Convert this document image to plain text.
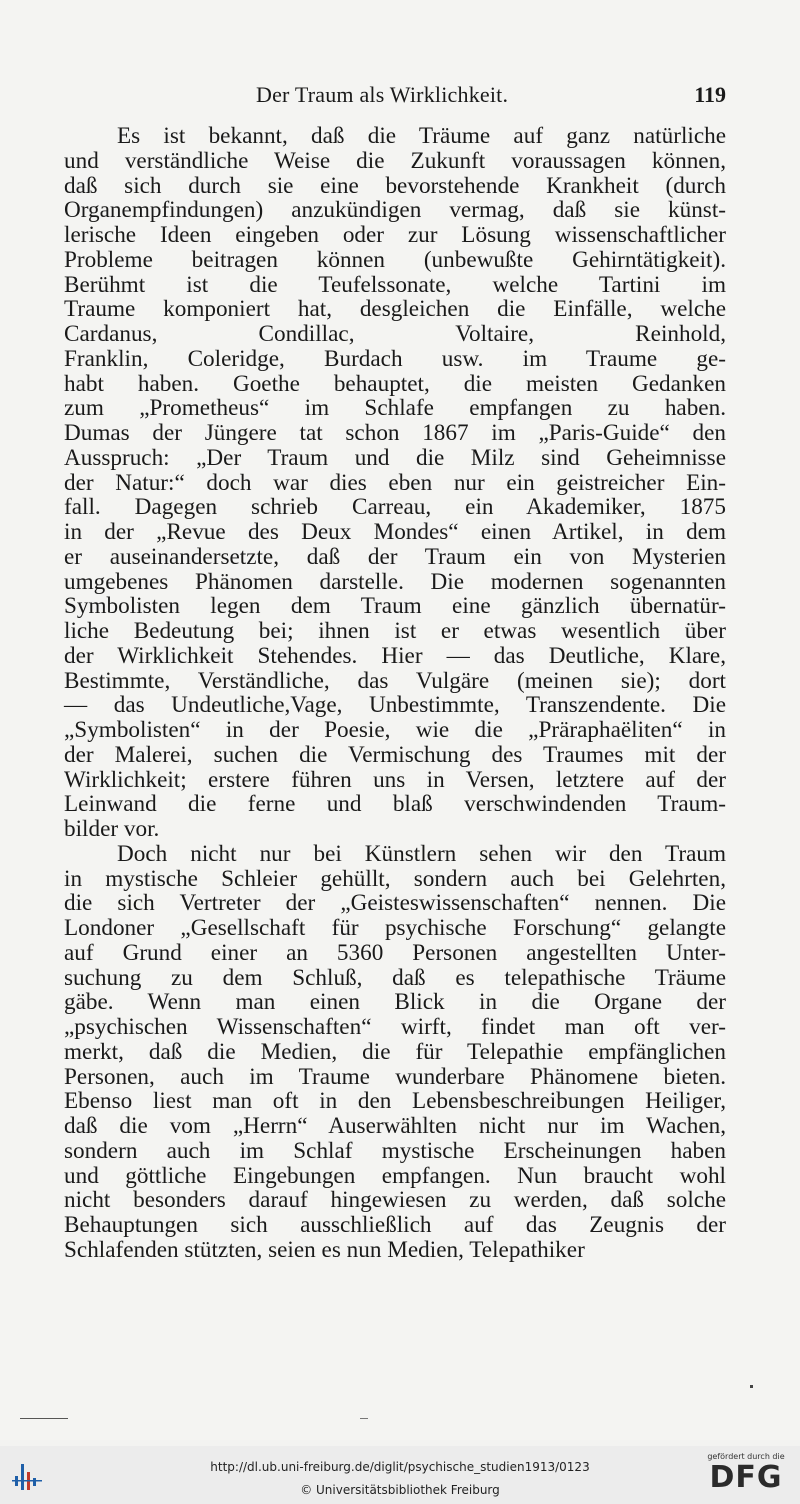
Der Traum als Wirklichkeit.	119
Es ist bekannt, daß die Träume auf ganz natürliche
und verständliche Weise die Zukunft voraussagen können,
daß sich durch sie eine bevorstehende Krankheit (durch
Organempfindungen) anzukündigen vermag, daß sie künst-
lerische Ideen eingeben oder zur Lösung wissenschaftlicher
Probleme beitragen können (unbewußte Gehirntätigkeit).
Berühmt ist die Teufelssonate, welche Tartini im
Traume komponiert hat, desgleichen die Einfälle, welche
Cardanus, Condillac, Voltaire, Reinhold,
Franklin, Coleridge, Burdach usw. im Traume ge-
habt haben. Goethe behauptet, die meisten Gedanken
zum „Prometheus“ im Schlafe empfangen zu haben.
Dumas der Jüngere tat schon 1867 im „Paris-Guide“ den
Ausspruch: „Der Traum und die Milz sind Geheimnisse
der Natur:“ doch war dies eben nur ein geistreicher Ein-
fall. Dagegen schrieb Carreau, ein Akademiker, 1875
in der „Revue des Deux Mondes“ einen Artikel, in dem
er auseinandersetzte, daß der Traum ein von Mysterien
umgebenes Phänomen darstelle. Die modernen sogenannten
Symbolisten legen dem Traum eine gänzlich übernatür-
liche Bedeutung bei; ihnen ist er etwas wesentlich über
der Wirklichkeit Stehendes. Hier — das Deutliche, Klare,
Bestimmte, Verständliche, das Vulgäre (meinen sie); dort
— das Undeutliche,Vage, Unbestimmte, Transzendente. Die
„Symbolisten“ in der Poesie, wie die „Präraphaëliten“ in
der Malerei, suchen die Vermischung des Traumes mit der
Wirklichkeit; erstere führen uns in Versen, letztere auf der
Leinwand die ferne und blaß verschwindenden Traum-
bilder vor.
Doch nicht nur bei Künstlern sehen wir den Traum
in mystische Schleier gehüllt, sondern auch bei Gelehrten,
die sich Vertreter der „Geisteswissenschaften“ nennen. Die
Londoner „Gesellschaft für psychische Forschung“ gelangte
auf Grund einer an 5360 Personen angestellten Unter-
suchung zu dem Schluß, daß es telepathische Träume
gäbe. Wenn man einen Blick in die Organe der
„psychischen Wissenschaften“ wirft, findet man oft ver-
merkt, daß die Medien, die für Telepathie empfänglichen
Personen, auch im Traume wunderbare Phänomene bieten.
Ebenso liest man oft in den Lebensbeschreibungen Heiliger,
daß die vom „Herrn“ Auserwählten nicht nur im Wachen,
sondern auch im Schlaf mystische Erscheinungen haben
und göttliche Eingebungen empfangen. Nun braucht wohl
nicht besonders darauf hingewiesen zu werden, daß solche
Behauptungen sich ausschließlich auf das Zeugnis der
Schlafenden stützten, seien es nun Medien, Telepathiker
http://dl.ub.uni-freiburg.de/diglit/psychische_studien1913/0123
© Universitätsbibliothek Freiburg
gefördert durch die
DFG
